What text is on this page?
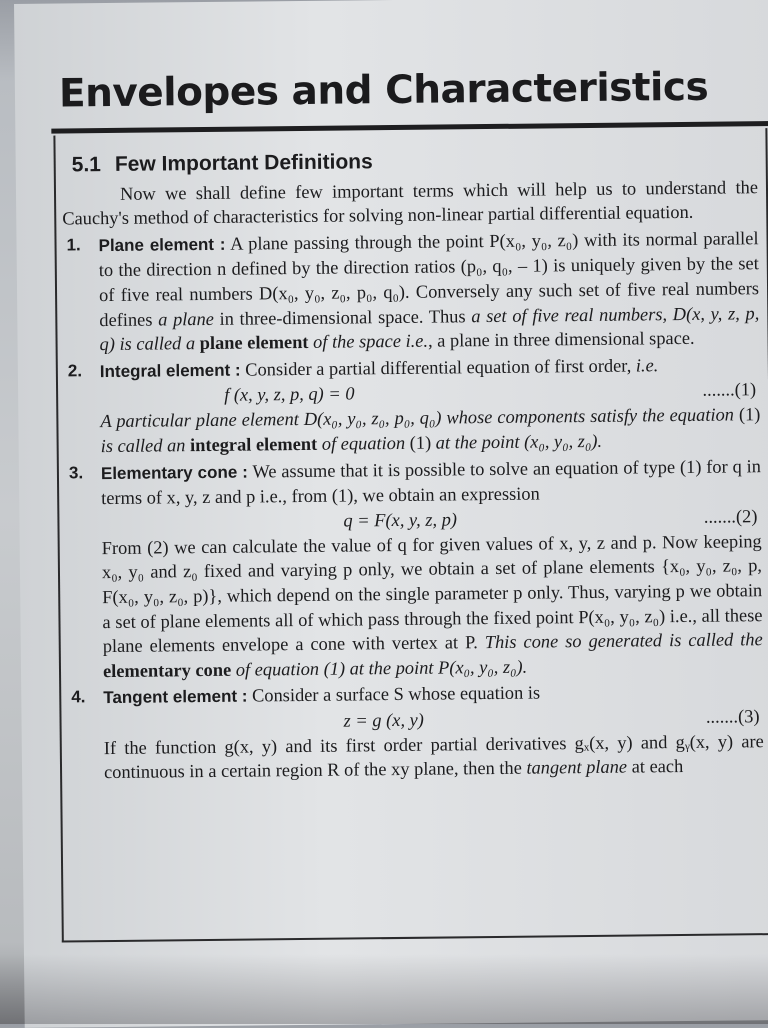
Envelopes and Characteristics
5.1 Few Important Definitions

Now we shall define few important terms which will help us to understand the Cauchy's method of characteristics for solving non-linear partial differential equation.

1. Plane element : A plane passing through the point P(x₀, y₀, z₀) with its normal parallel to the direction n defined by the direction ratios (p₀, q₀, – 1) is uniquely given by the set of five real numbers D(x₀, y₀, z₀, p₀, q₀). Conversely any such set of five real numbers defines a plane in three-dimensional space. Thus a set of five real numbers, D(x, y, z, p, q) is called a plane element of the space i.e., a plane in three dimensional space.

2. Integral element : Consider a partial differential equation of first order, i.e.

f (x, y, z, p, q) = 0	.......(1)

A particular plane element D(x₀, y₀, z₀, p₀, q₀) whose components satisfy the equation (1) is called an integral element of equation (1) at the point (x₀, y₀, z₀).

3. Elementary cone : We assume that it is possible to solve an equation of type (1) for q in terms of x, y, z and p i.e., from (1), we obtain an expression

q = F(x, y, z, p)	.......(2)

From (2) we can calculate the value of q for given values of x, y, z and p. Now keeping x₀, y₀ and z₀ fixed and varying p only, we obtain a set of plane elements {x₀, y₀, z₀, p, F(x₀, y₀, z₀, p)}, which depend on the single parameter p only. Thus, varying p we obtain a set of plane elements all of which pass through the fixed point P(x₀, y₀, z₀) i.e., all these plane elements envelope a cone with vertex at P. This cone so generated is called the elementary cone of equation (1) at the point P(x₀, y₀, z₀).

4. Tangent element : Consider a surface S whose equation is

z = g (x, y)	.......(3)

If the function g(x, y) and its first order partial derivatives gₓ(x, y) and gᵧ(x, y) are continuous in a certain region R of the xy plane, then the tangent plane at each
